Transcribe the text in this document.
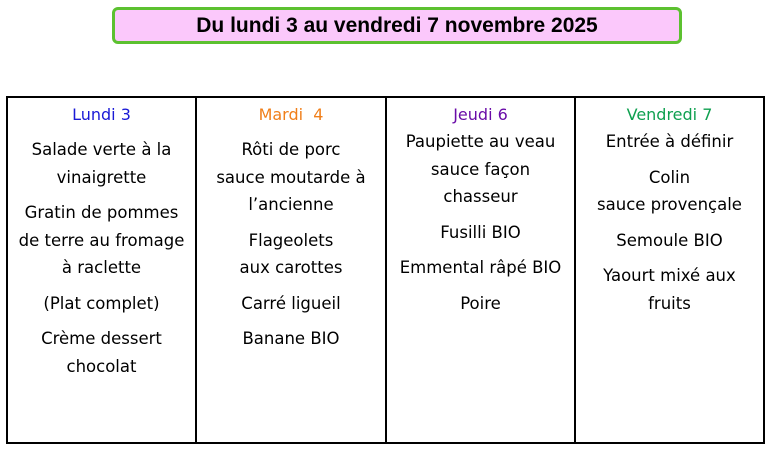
Du lundi 3 au vendredi 7 novembre 2025
Lundi 3
Salade verte à la
vinaigrette
Gratin de pommes
de terre au fromage
à raclette
(Plat complet)
Crème dessert
chocolat
Mardi  4
Rôti de porc
sauce moutarde à
l’ancienne
Flageolets
aux carottes
Carré ligueil
Banane BIO
Jeudi 6
Paupiette au veau
sauce façon
chasseur
Fusilli BIO
Emmental râpé BIO
Poire
Vendredi 7
Entrée à définir
Colin
sauce provençale
Semoule BIO
Yaourt mixé aux
fruits
